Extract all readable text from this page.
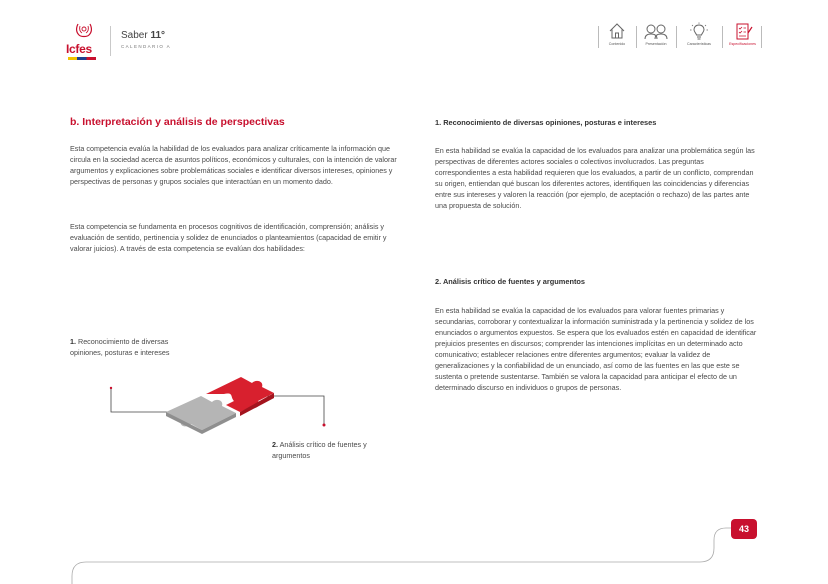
Icfes
Saber 11°
CALENDARIO A	Contenido	Presentación	Características	Especificaciones
b. Interpretación y análisis de perspectivas

Esta competencia evalúa la habilidad de los evaluados para analizar críticamente la información que circula en la sociedad acerca de asuntos políticos, económicos y culturales, con la intención de valorar argumentos y explicaciones sobre problemáticas sociales e identificar diversos intereses, opiniones y perspectivas de personas y grupos sociales que interactúan en un momento dado.

Esta competencia se fundamenta en procesos cognitivos de identificación, comprensión; análisis y evaluación de sentido, pertinencia y solidez de enunciados o planteamientos (capacidad de emitir y valorar juicios). A través de esta competencia se evalúan dos habilidades:

1. Reconocimiento de diversas opiniones, posturas e intereses
2. Análisis crítico de fuentes y argumentos

1. Reconocimiento de diversas opiniones, posturas e intereses

En esta habilidad se evalúa la capacidad de los evaluados para analizar una problemática según las perspectivas de diferentes actores sociales o colectivos involucrados. Las preguntas correspondientes a esta habilidad requieren que los evaluados, a partir de un conflicto, comprendan su origen, entiendan qué buscan los diferentes actores, identifiquen las coincidencias y diferencias entre sus intereses y valoren la reacción (por ejemplo, de aceptación o rechazo) de las partes ante una propuesta de solución.

2. Análisis crítico de fuentes y argumentos

En esta habilidad se evalúa la capacidad de los evaluados para valorar fuentes primarias y secundarias, corroborar y contextualizar la información suministrada y la pertinencia y solidez de los enunciados o argumentos expuestos. Se espera que los evaluados estén en capacidad de identificar prejuicios presentes en discursos; comprender las intenciones implícitas en un determinado acto comunicativo; establecer relaciones entre diferentes argumentos; evaluar la validez de generalizaciones y la confiabilidad de un enunciado, así como de las fuentes en las que este se sustenta o pretende sustentarse. También se valora la capacidad para anticipar el efecto de un determinado discurso en individuos o grupos de personas.

43
